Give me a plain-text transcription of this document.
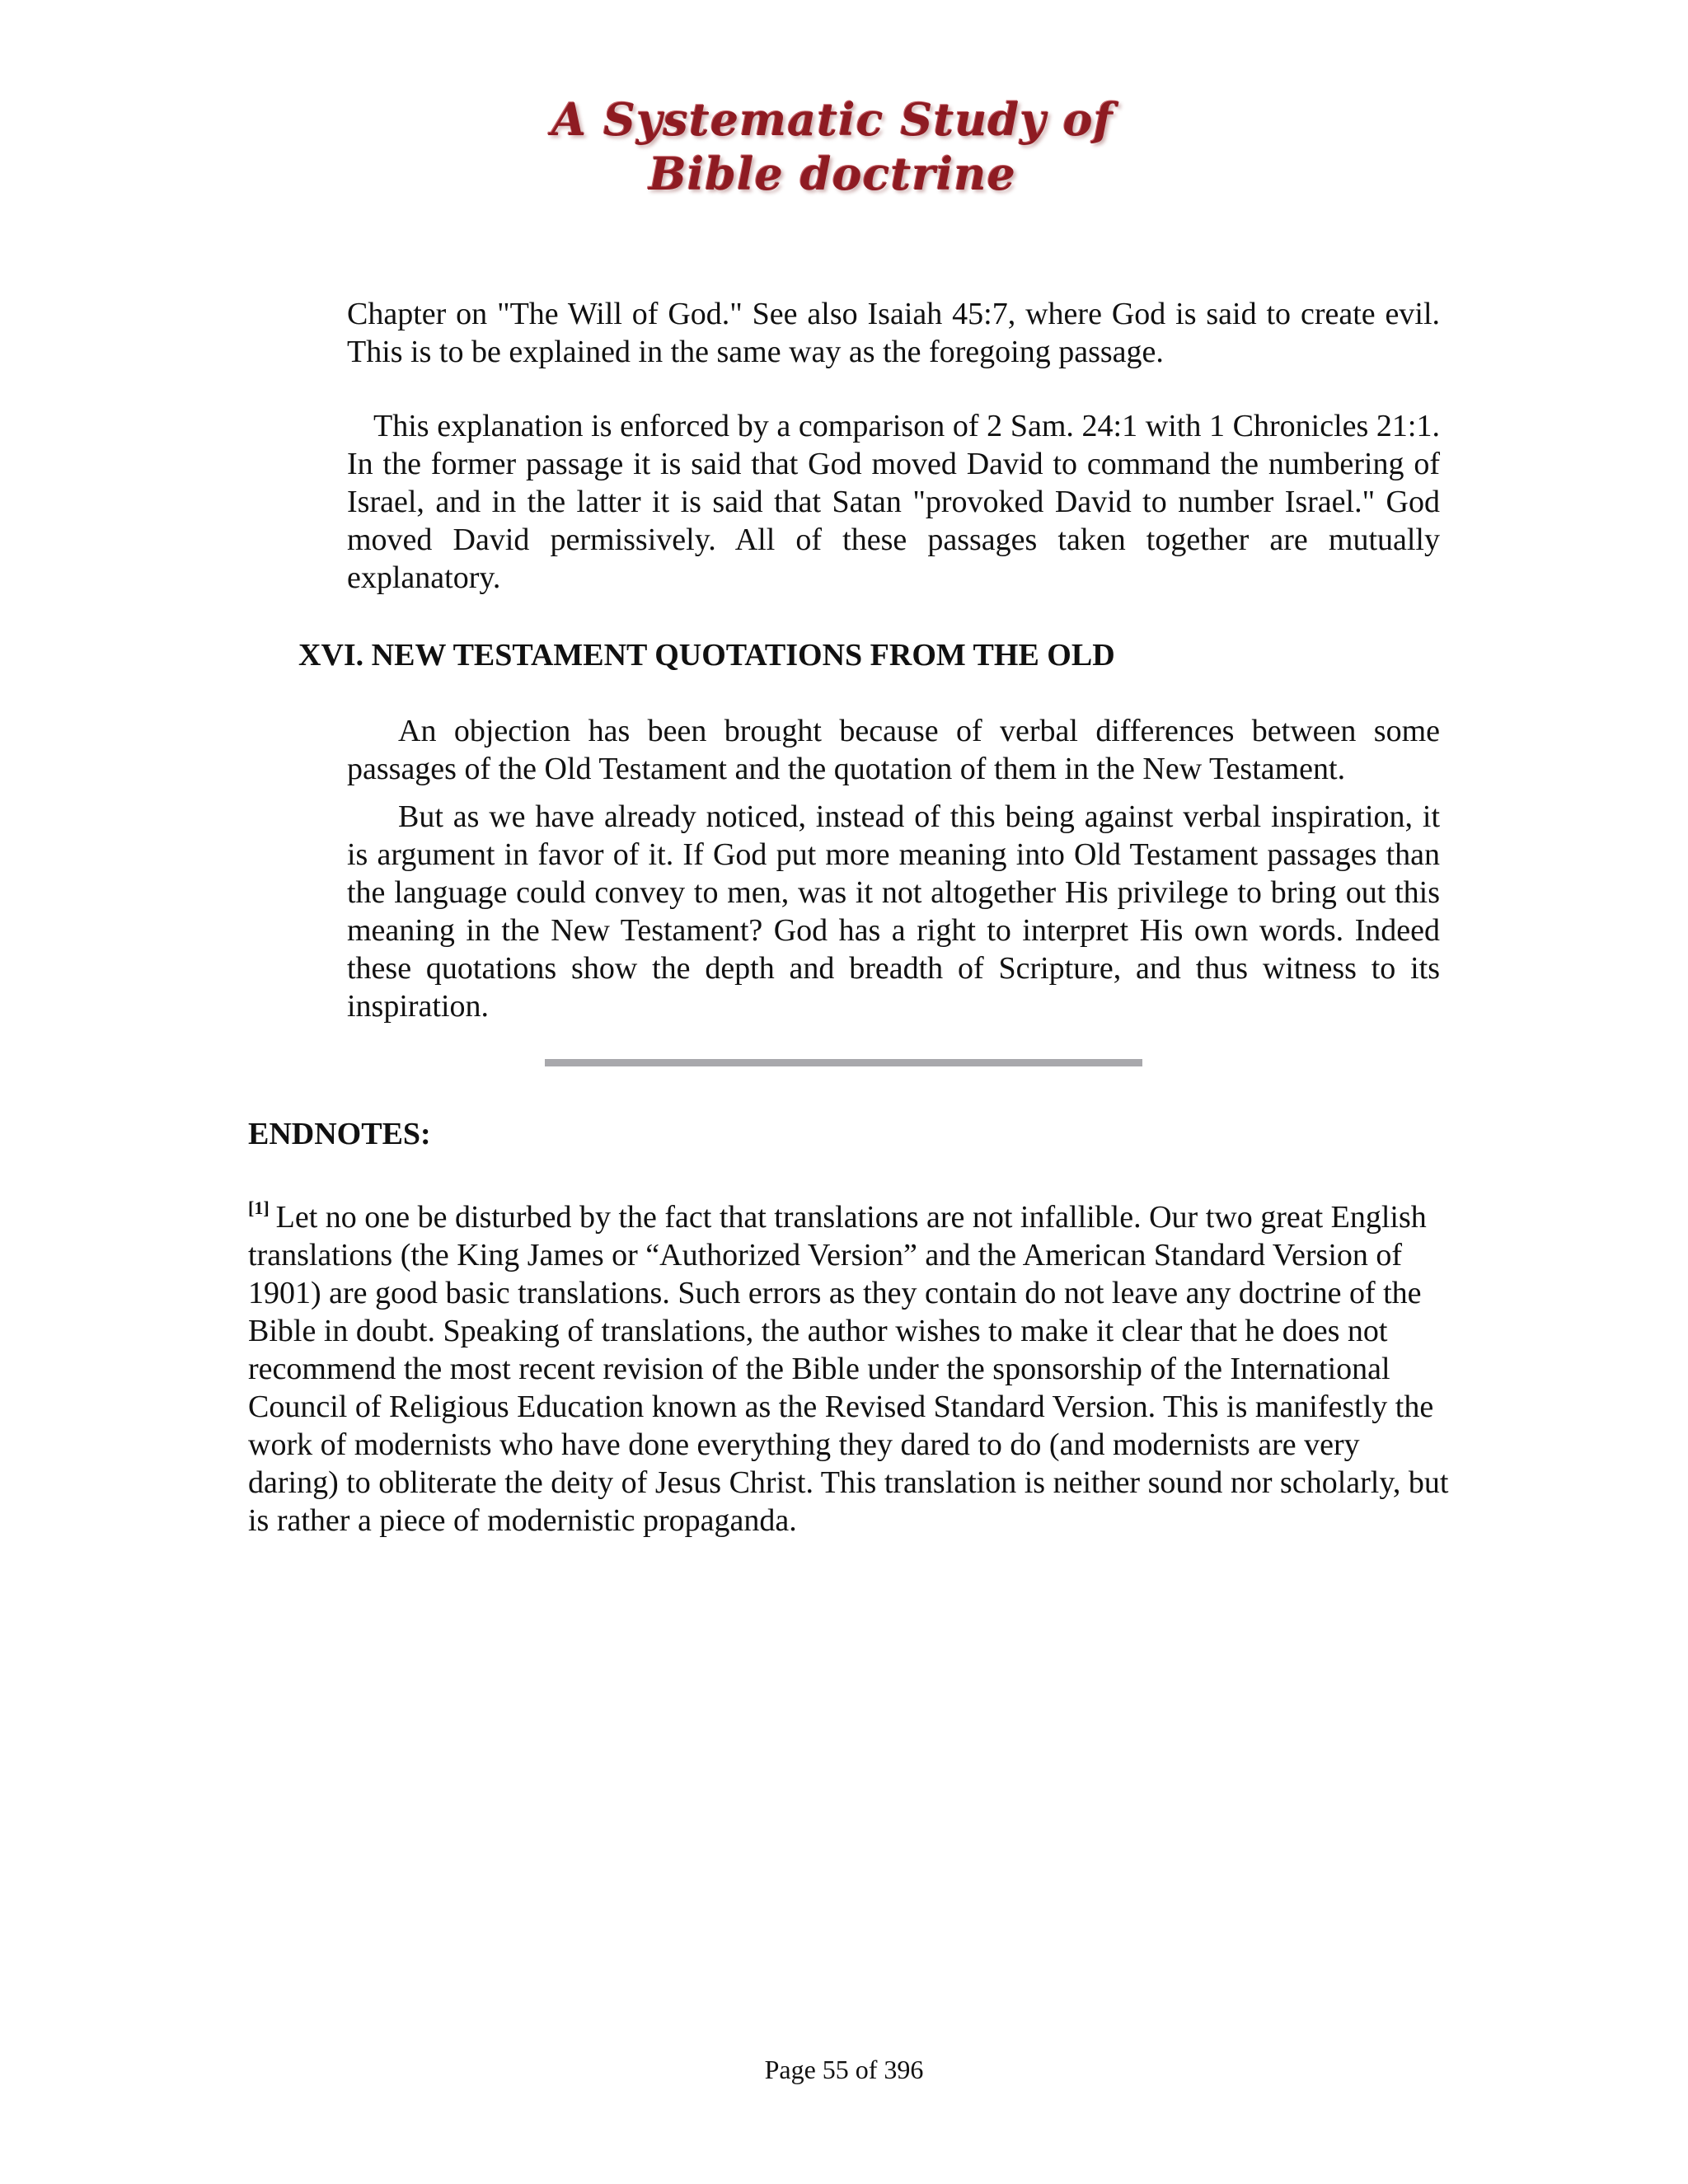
A Systematic Study of
Bible doctrine

Chapter on "The Will of God." See also Isaiah 45:7, where God is said to create evil. This is to be explained in the same way as the foregoing passage.

This explanation is enforced by a comparison of 2 Sam. 24:1 with 1 Chronicles 21:1. In the former passage it is said that God moved David to command the numbering of Israel, and in the latter it is said that Satan "provoked David to number Israel." God moved David permissively. All of these passages taken together are mutually explanatory.

XVI. NEW TESTAMENT QUOTATIONS FROM THE OLD

An objection has been brought because of verbal differences between some passages of the Old Testament and the quotation of them in the New Testament.

But as we have already noticed, instead of this being against verbal inspiration, it is argument in favor of it. If God put more meaning into Old Testament passages than the language could convey to men, was it not altogether His privilege to bring out this meaning in the New Testament? God has a right to interpret His own words. Indeed these quotations show the depth and breadth of Scripture, and thus witness to its inspiration.

ENDNOTES:
[1] Let no one be disturbed by the fact that translations are not infallible. Our two great English translations (the King James or “Authorized Version” and the American Standard Version of 1901) are good basic translations. Such errors as they contain do not leave any doctrine of the Bible in doubt. Speaking of translations, the author wishes to make it clear that he does not recommend the most recent revision of the Bible under the sponsorship of the International Council of Religious Education known as the Revised Standard Version. This is manifestly the work of modernists who have done everything they dared to do (and modernists are very daring) to obliterate the deity of Jesus Christ. This translation is neither sound nor scholarly, but is rather a piece of modernistic propaganda.
Page 55 of 396
